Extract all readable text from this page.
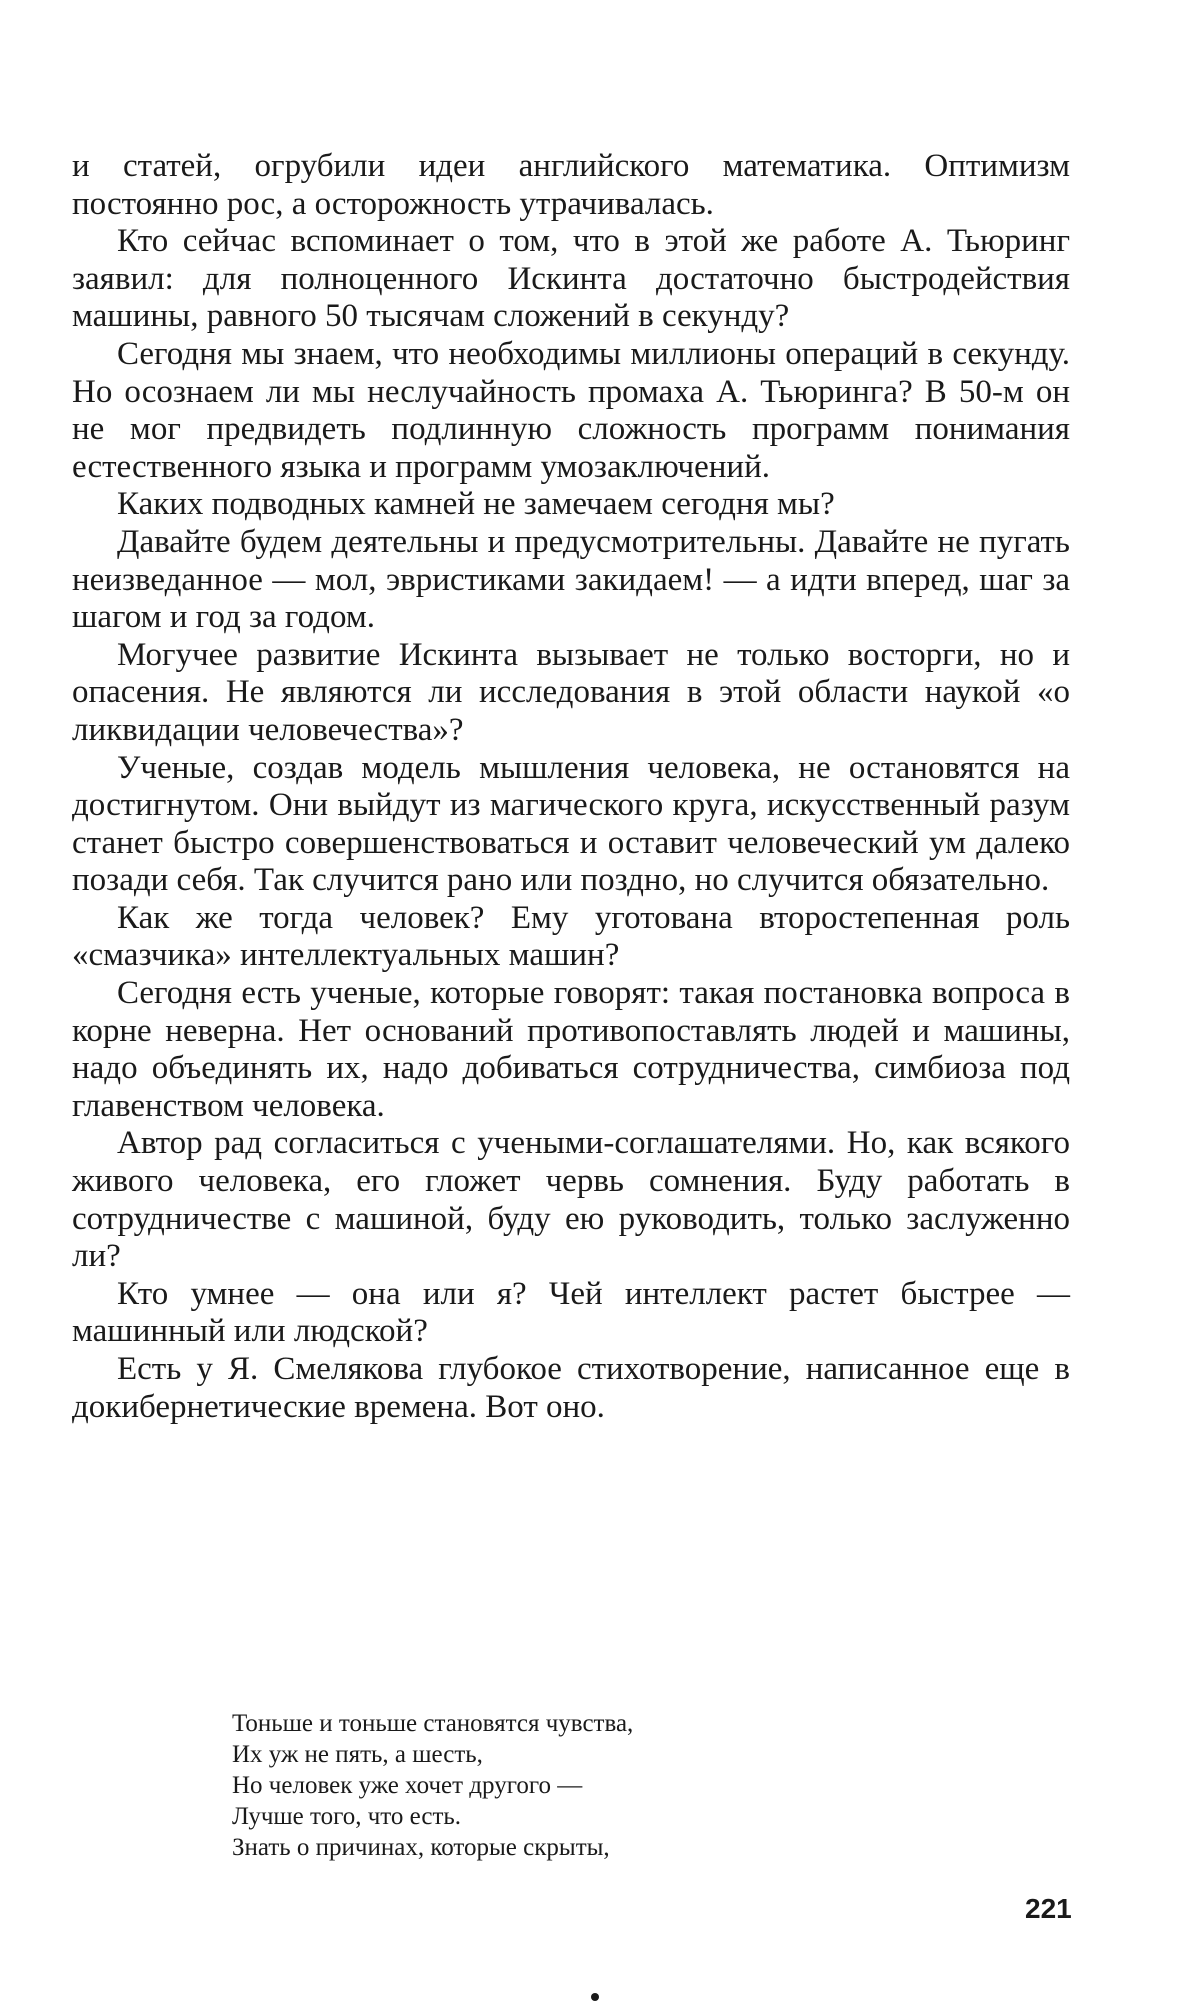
и статей, огрубили идеи английского математика. Оптимизм постоянно рос, а осторожность утрачивалась.

Кто сейчас вспоминает о том, что в этой же работе А. Тьюринг заявил: для полноценного Искинта достаточно быстродействия машины, равного 50 тысячам сложений в секунду?

Сегодня мы знаем, что необходимы миллионы операций в секунду. Но осознаем ли мы неслучайность промаха А. Тьюринга? В 50-м он не мог предвидеть подлинную сложность программ понимания естественного языка и программ умозаключений.

Каких подводных камней не замечаем сегодня мы?

Давайте будем деятельны и предусмотрительны. Давайте не пугать неизведанное — мол, эвристиками закидаем! — а идти вперед, шаг за шагом и год за годом.

Могучее развитие Искинта вызывает не только восторги, но и опасения. Не являются ли исследования в этой области наукой «о ликвидации человечества»?

Ученые, создав модель мышления человека, не остановятся на достигнутом. Они выйдут из магического круга, искусственный разум станет быстро совершенствоваться и оставит человеческий ум далеко позади себя. Так случится рано или поздно, но случится обязательно.

Как же тогда человек? Ему уготована второстепенная роль «смазчика» интеллектуальных машин?

Сегодня есть ученые, которые говорят: такая постановка вопроса в корне неверна. Нет оснований противопоставлять людей и машины, надо объединять их, надо добиваться сотрудничества, симбиоза под главенством человека.

Автор рад согласиться с учеными-соглашателями. Но, как всякого живого человека, его гложет червь сомнения. Буду работать в сотрудничестве с машиной, буду ею руководить, только заслуженно ли?

Кто умнее — она или я? Чей интеллект растет быстрее — машинный или людской?

Есть у Я. Смелякова глубокое стихотворение, написанное еще в докибернетические времена. Вот оно.

Тоньше и тоньше становятся чувства,
Их уж не пять, а шесть,
Но человек уже хочет другого —
Лучше того, что есть.
Знать о причинах, которые скрыты,
221
